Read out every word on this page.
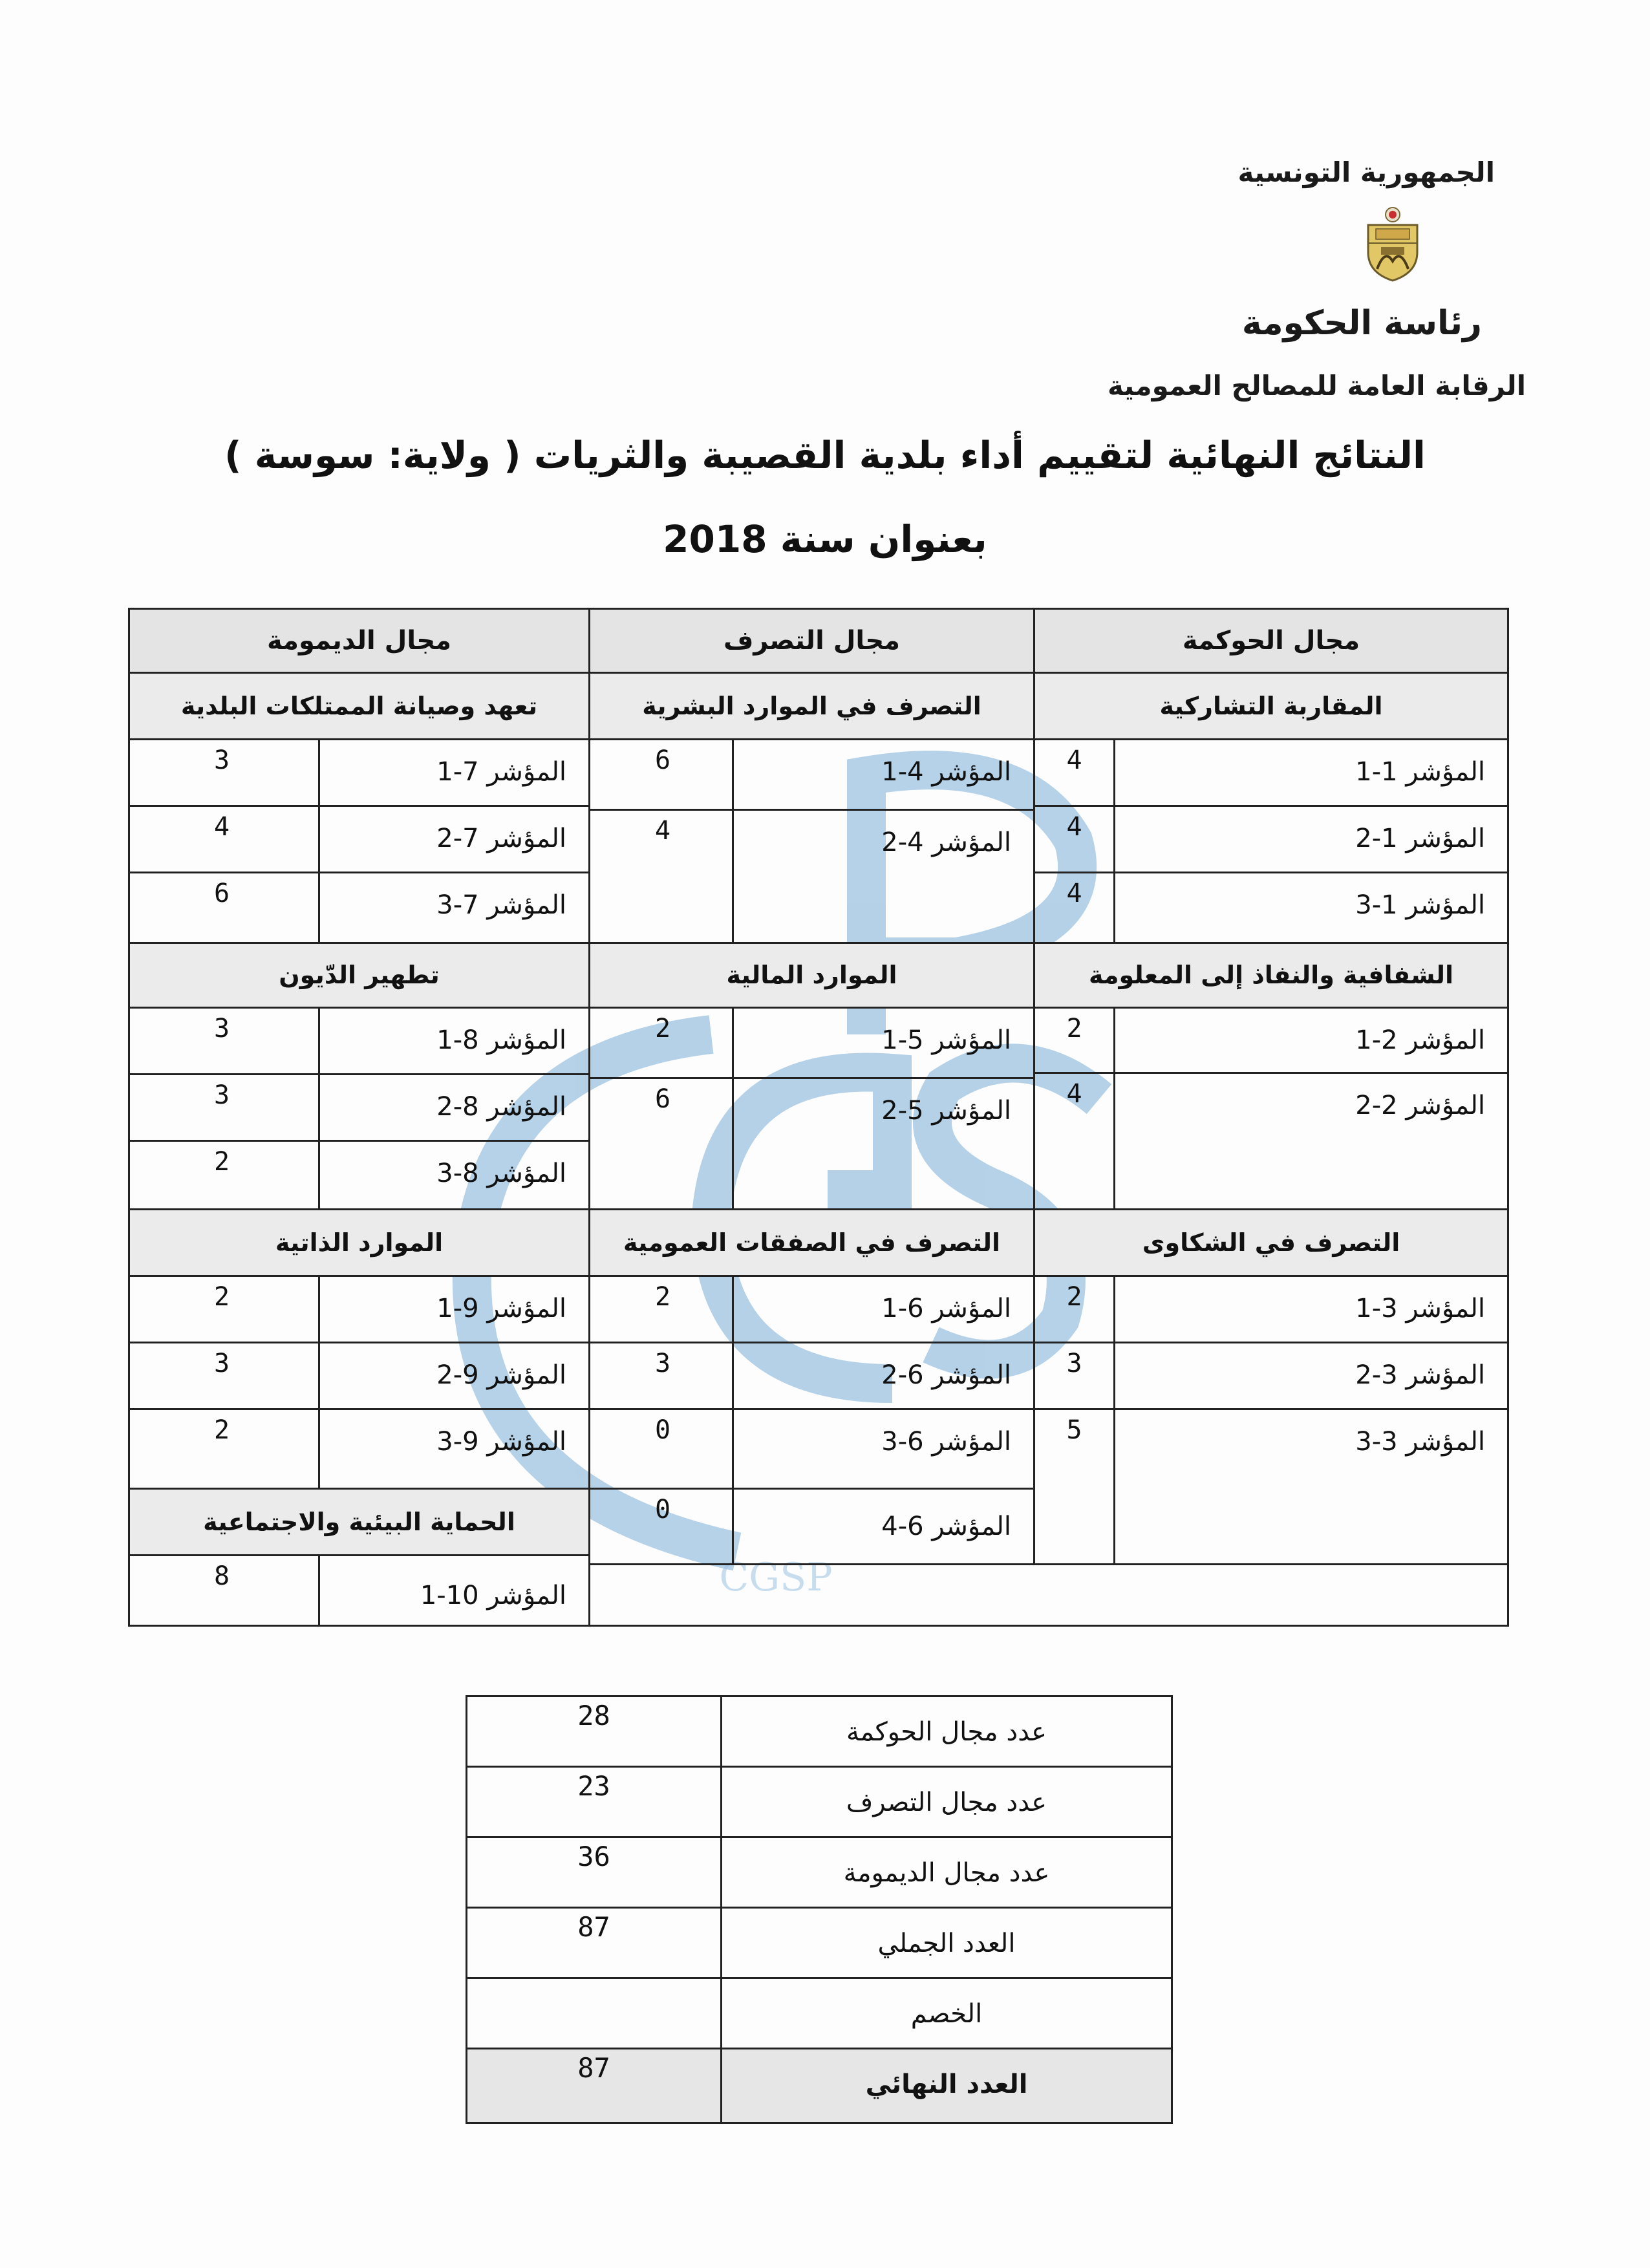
الجمهورية التونسية
رئاسة الحكومة
الرقابة العامة للمصالح العمومية
النتائج النهائية لتقييم أداء بلدية القصيبة والثريات ( ولاية: سوسة )
بعنوان سنة 2018
CGSP
مجال الحوكمة
مجال التصرف
مجال الديمومة
المقاربة التشاركية
التصرف في الموارد البشرية
تعهد وصيانة الممتلكات البلدية
الشفافية والنفاذ إلى المعلومة
الموارد المالية
تطهير الدّيون
التصرف في الشكاوى
التصرف في الصفقات العمومية
الموارد الذاتية
الحماية البيئية والاجتماعية
المؤشر 1-1
4
المؤشر 1-2
4
المؤشر 1-3
4
المؤشر 2-1
2
المؤشر 2-2
4
المؤشر 3-1
2
المؤشر 3-2
3
المؤشر 3-3
5
المؤشر 4-1
6
المؤشر 4-2
4
المؤشر 5-1
2
المؤشر 5-2
6
المؤشر 6-1
2
المؤشر 6-2
3
المؤشر 6-3
0
المؤشر 6-4
0
المؤشر 7-1
3
المؤشر 7-2
4
المؤشر 7-3
6
المؤشر 8-1
3
المؤشر 8-2
3
المؤشر 8-3
2
المؤشر 9-1
2
المؤشر 9-2
3
المؤشر 9-3
2
المؤشر 10-1
8
عدد مجال الحوكمة
28
عدد مجال التصرف
23
عدد مجال الديمومة
36
العدد الجملي
87
الخصم
العدد النهائي
87
